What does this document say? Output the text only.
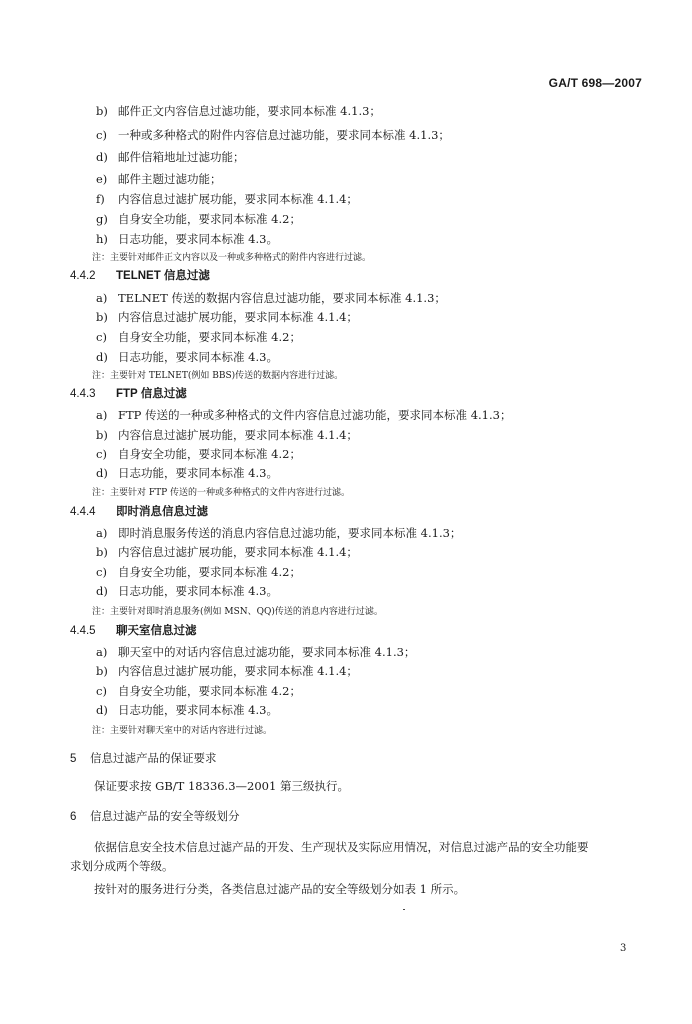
GA/T 698—2007
b) 邮件正文内容信息过滤功能，要求同本标准 4.1.3；
c) 一种或多种格式的附件内容信息过滤功能，要求同本标准 4.1.3；
d) 邮件信箱地址过滤功能；
e) 邮件主题过滤功能；
f) 内容信息过滤扩展功能，要求同本标准 4.1.4；
g) 自身安全功能，要求同本标准 4.2；
h) 日志功能，要求同本标准 4.3。
注：主要针对邮件正文内容以及一种或多种格式的附件内容进行过滤。
4.4.2 TELNET 信息过滤
a) TELNET 传送的数据内容信息过滤功能，要求同本标准 4.1.3；
b) 内容信息过滤扩展功能，要求同本标准 4.1.4；
c) 自身安全功能，要求同本标准 4.2；
d) 日志功能，要求同本标准 4.3。
注：主要针对 TELNET(例如 BBS)传送的数据内容进行过滤。
4.4.3 FTP 信息过滤
a) FTP 传送的一种或多种格式的文件内容信息过滤功能，要求同本标准 4.1.3；
b) 内容信息过滤扩展功能，要求同本标准 4.1.4；
c) 自身安全功能，要求同本标准 4.2；
d) 日志功能，要求同本标准 4.3。
注：主要针对 FTP 传送的一种或多种格式的文件内容进行过滤。
4.4.4 即时消息信息过滤
a) 即时消息服务传送的消息内容信息过滤功能，要求同本标准 4.1.3；
b) 内容信息过滤扩展功能，要求同本标准 4.1.4；
c) 自身安全功能，要求同本标准 4.2；
d) 日志功能，要求同本标准 4.3。
注：主要针对即时消息服务(例如 MSN、QQ)传送的消息内容进行过滤。
4.4.5 聊天室信息过滤
a) 聊天室中的对话内容信息过滤功能，要求同本标准 4.1.3；
b) 内容信息过滤扩展功能，要求同本标准 4.1.4；
c) 自身安全功能，要求同本标准 4.2；
d) 日志功能，要求同本标准 4.3。
注：主要针对聊天室中的对话内容进行过滤。
5 信息过滤产品的保证要求
保证要求按 GB/T 18336.3—2001 第三级执行。
6 信息过滤产品的安全等级划分
依据信息安全技术信息过滤产品的开发、生产现状及实际应用情况，对信息过滤产品的安全功能要
求划分成两个等级。
按针对的服务进行分类，各类信息过滤产品的安全等级划分如表 1 所示。
3
